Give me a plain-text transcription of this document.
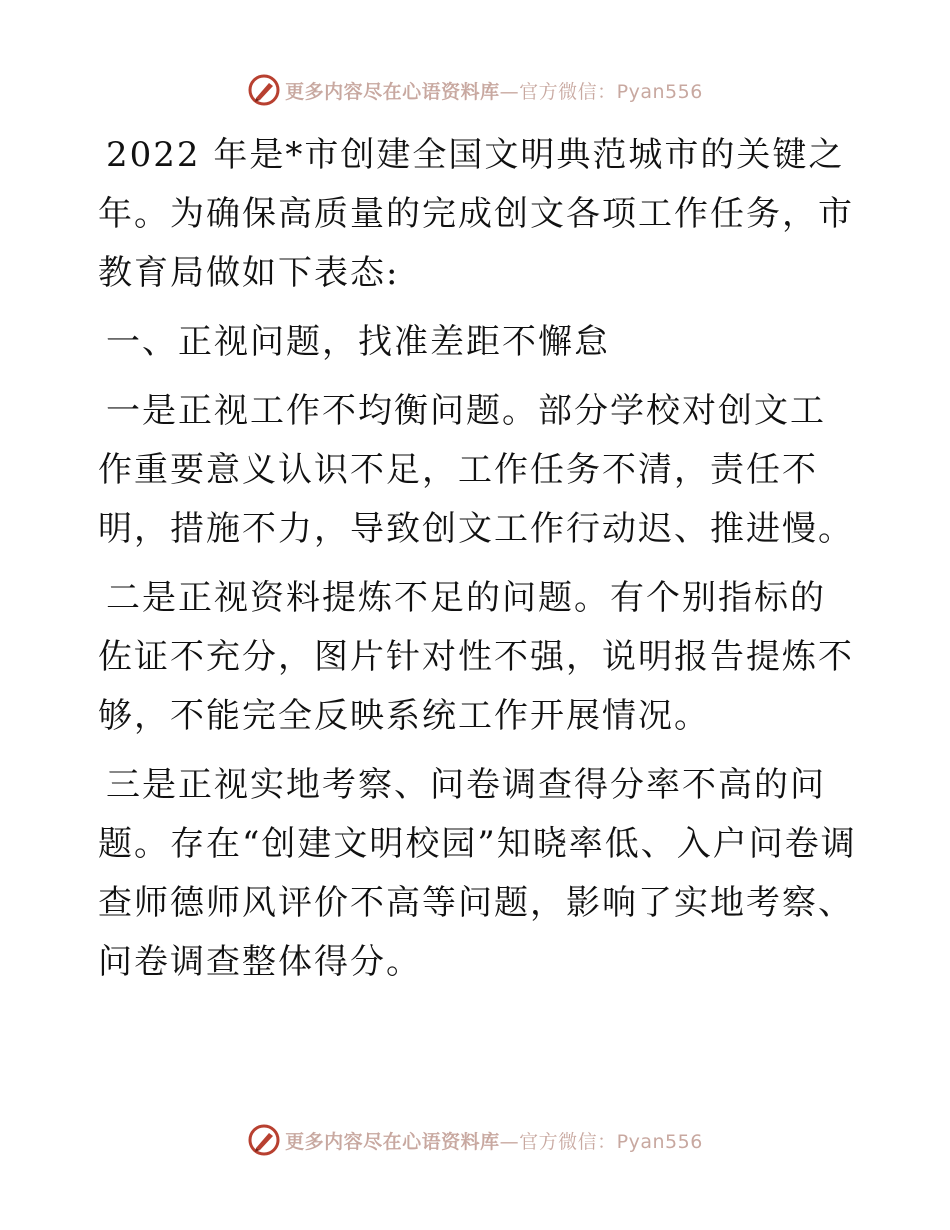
更多内容尽在心语资料库—官方微信：Pyan556

2022 年是*市创建全国文明典范城市的关键之年。为确保高质量的完成创文各项工作任务，市教育局做如下表态:

一、正视问题，找准差距不懈怠

一是正视工作不均衡问题。部分学校对创文工作重要意义认识不足，工作任务不清，责任不明，措施不力，导致创文工作行动迟、推进慢。

二是正视资料提炼不足的问题。有个别指标的佐证不充分，图片针对性不强，说明报告提炼不够，不能完全反映系统工作开展情况。

三是正视实地考察、问卷调查得分率不高的问题。存在“创建文明校园”知晓率低、入户问卷调查师德师风评价不高等问题，影响了实地考察、问卷调查整体得分。

更多内容尽在心语资料库—官方微信：Pyan556
